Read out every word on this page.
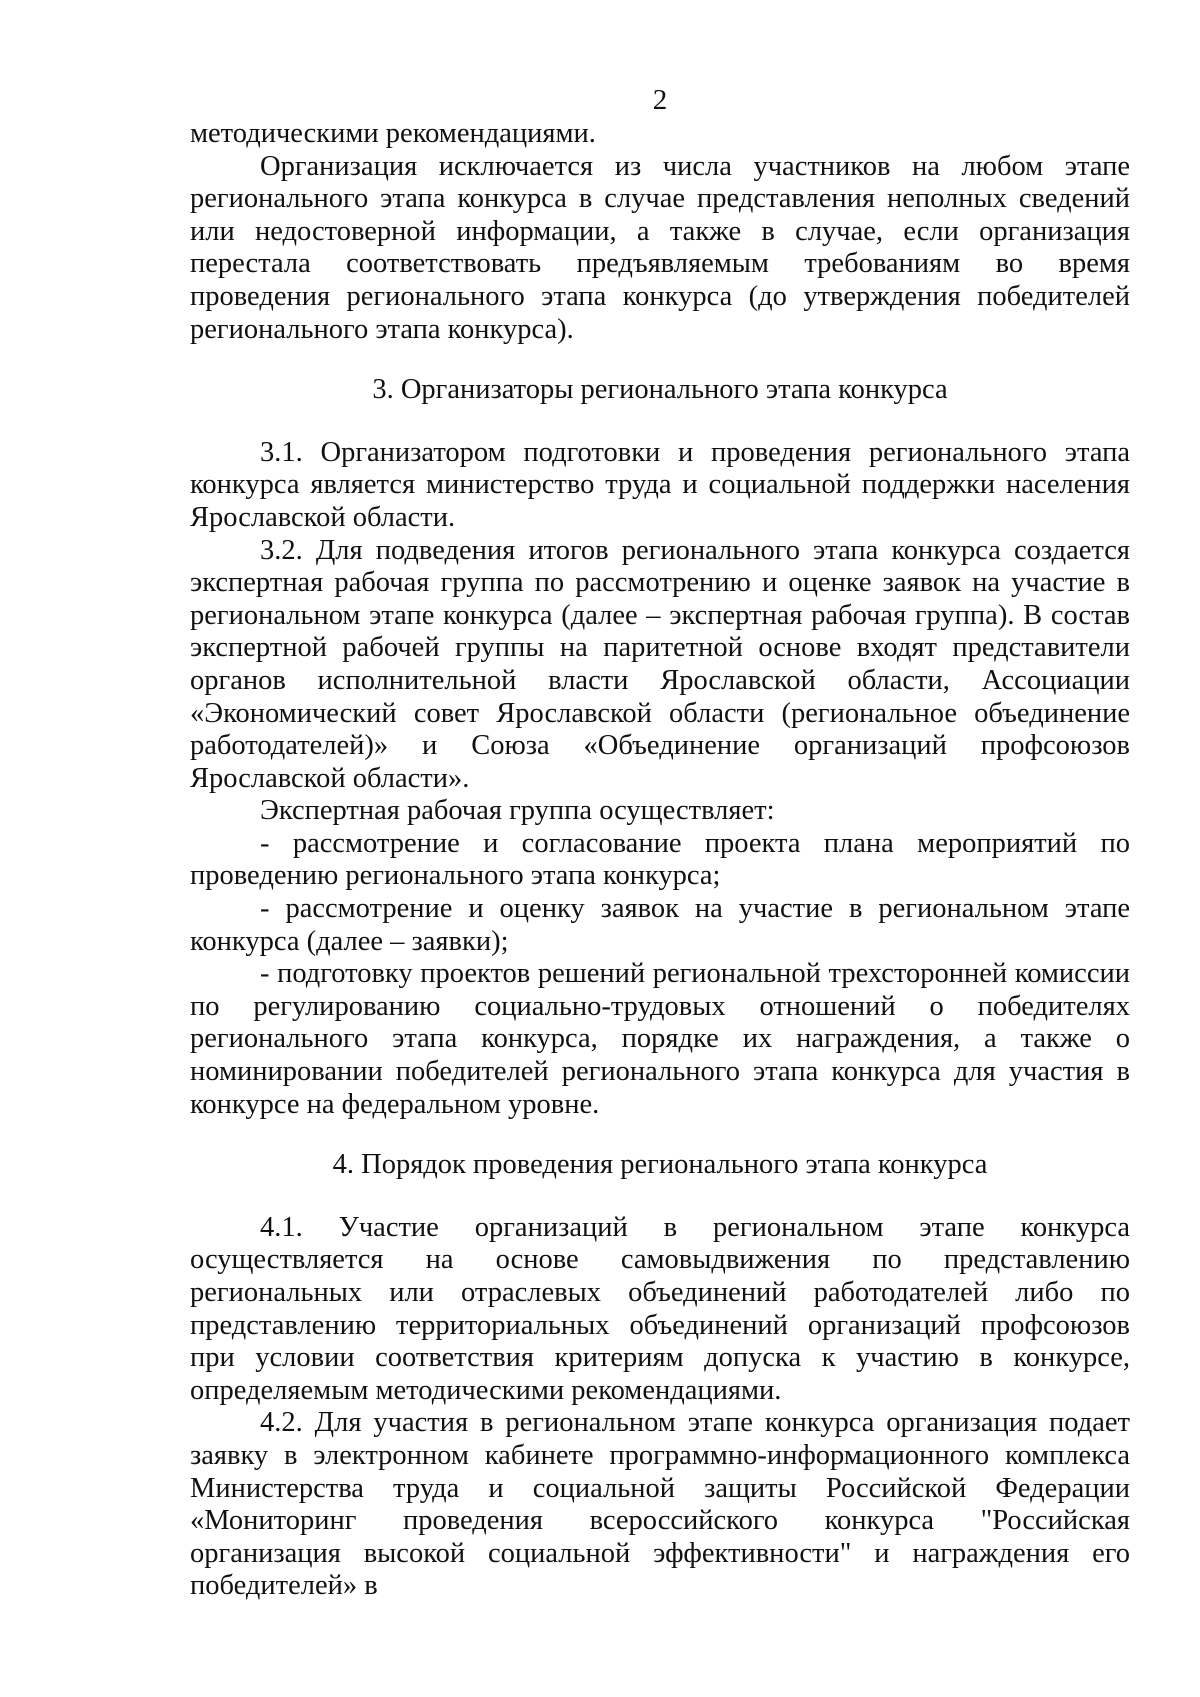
2

методическими рекомендациями.

Организация исключается из числа участников на любом этапе регионального этапа конкурса в случае представления неполных сведений или недостоверной информации, а также в случае, если организация перестала соответствовать предъявляемым требованиям во время проведения регионального этапа конкурса (до утверждения победителей регионального этапа конкурса).

3. Организаторы регионального этапа конкурса

3.1. Организатором подготовки и проведения регионального этапа конкурса является министерство труда и социальной поддержки населения Ярославской области.

3.2. Для подведения итогов регионального этапа конкурса создается экспертная рабочая группа по рассмотрению и оценке заявок на участие в региональном этапе конкурса (далее – экспертная рабочая группа). В состав экспертной рабочей группы на паритетной основе входят представители органов исполнительной власти Ярославской области, Ассоциации «Экономический совет Ярославской области (региональное объединение работодателей)» и Союза «Объединение организаций профсоюзов Ярославской области».

Экспертная рабочая группа осуществляет:

- рассмотрение и согласование проекта плана мероприятий по проведению регионального этапа конкурса;

- рассмотрение и оценку заявок на участие в региональном этапе конкурса (далее – заявки);

- подготовку проектов решений региональной трехсторонней комиссии по регулированию социально-трудовых отношений о победителях регионального этапа конкурса, порядке их награждения, а также о номинировании победителей регионального этапа конкурса для участия в конкурсе на федеральном уровне.

4. Порядок проведения регионального этапа конкурса

4.1. Участие организаций в региональном этапе конкурса осуществляется на основе самовыдвижения по представлению региональных или отраслевых объединений работодателей либо по представлению территориальных объединений организаций профсоюзов при условии соответствия критериям допуска к участию в конкурсе, определяемым методическими рекомендациями.

4.2. Для участия в региональном этапе конкурса организация подает заявку в электронном кабинете программно-информационного комплекса Министерства труда и социальной защиты Российской Федерации «Мониторинг проведения всероссийского конкурса "Российская организация высокой социальной эффективности" и награждения его победителей» в
